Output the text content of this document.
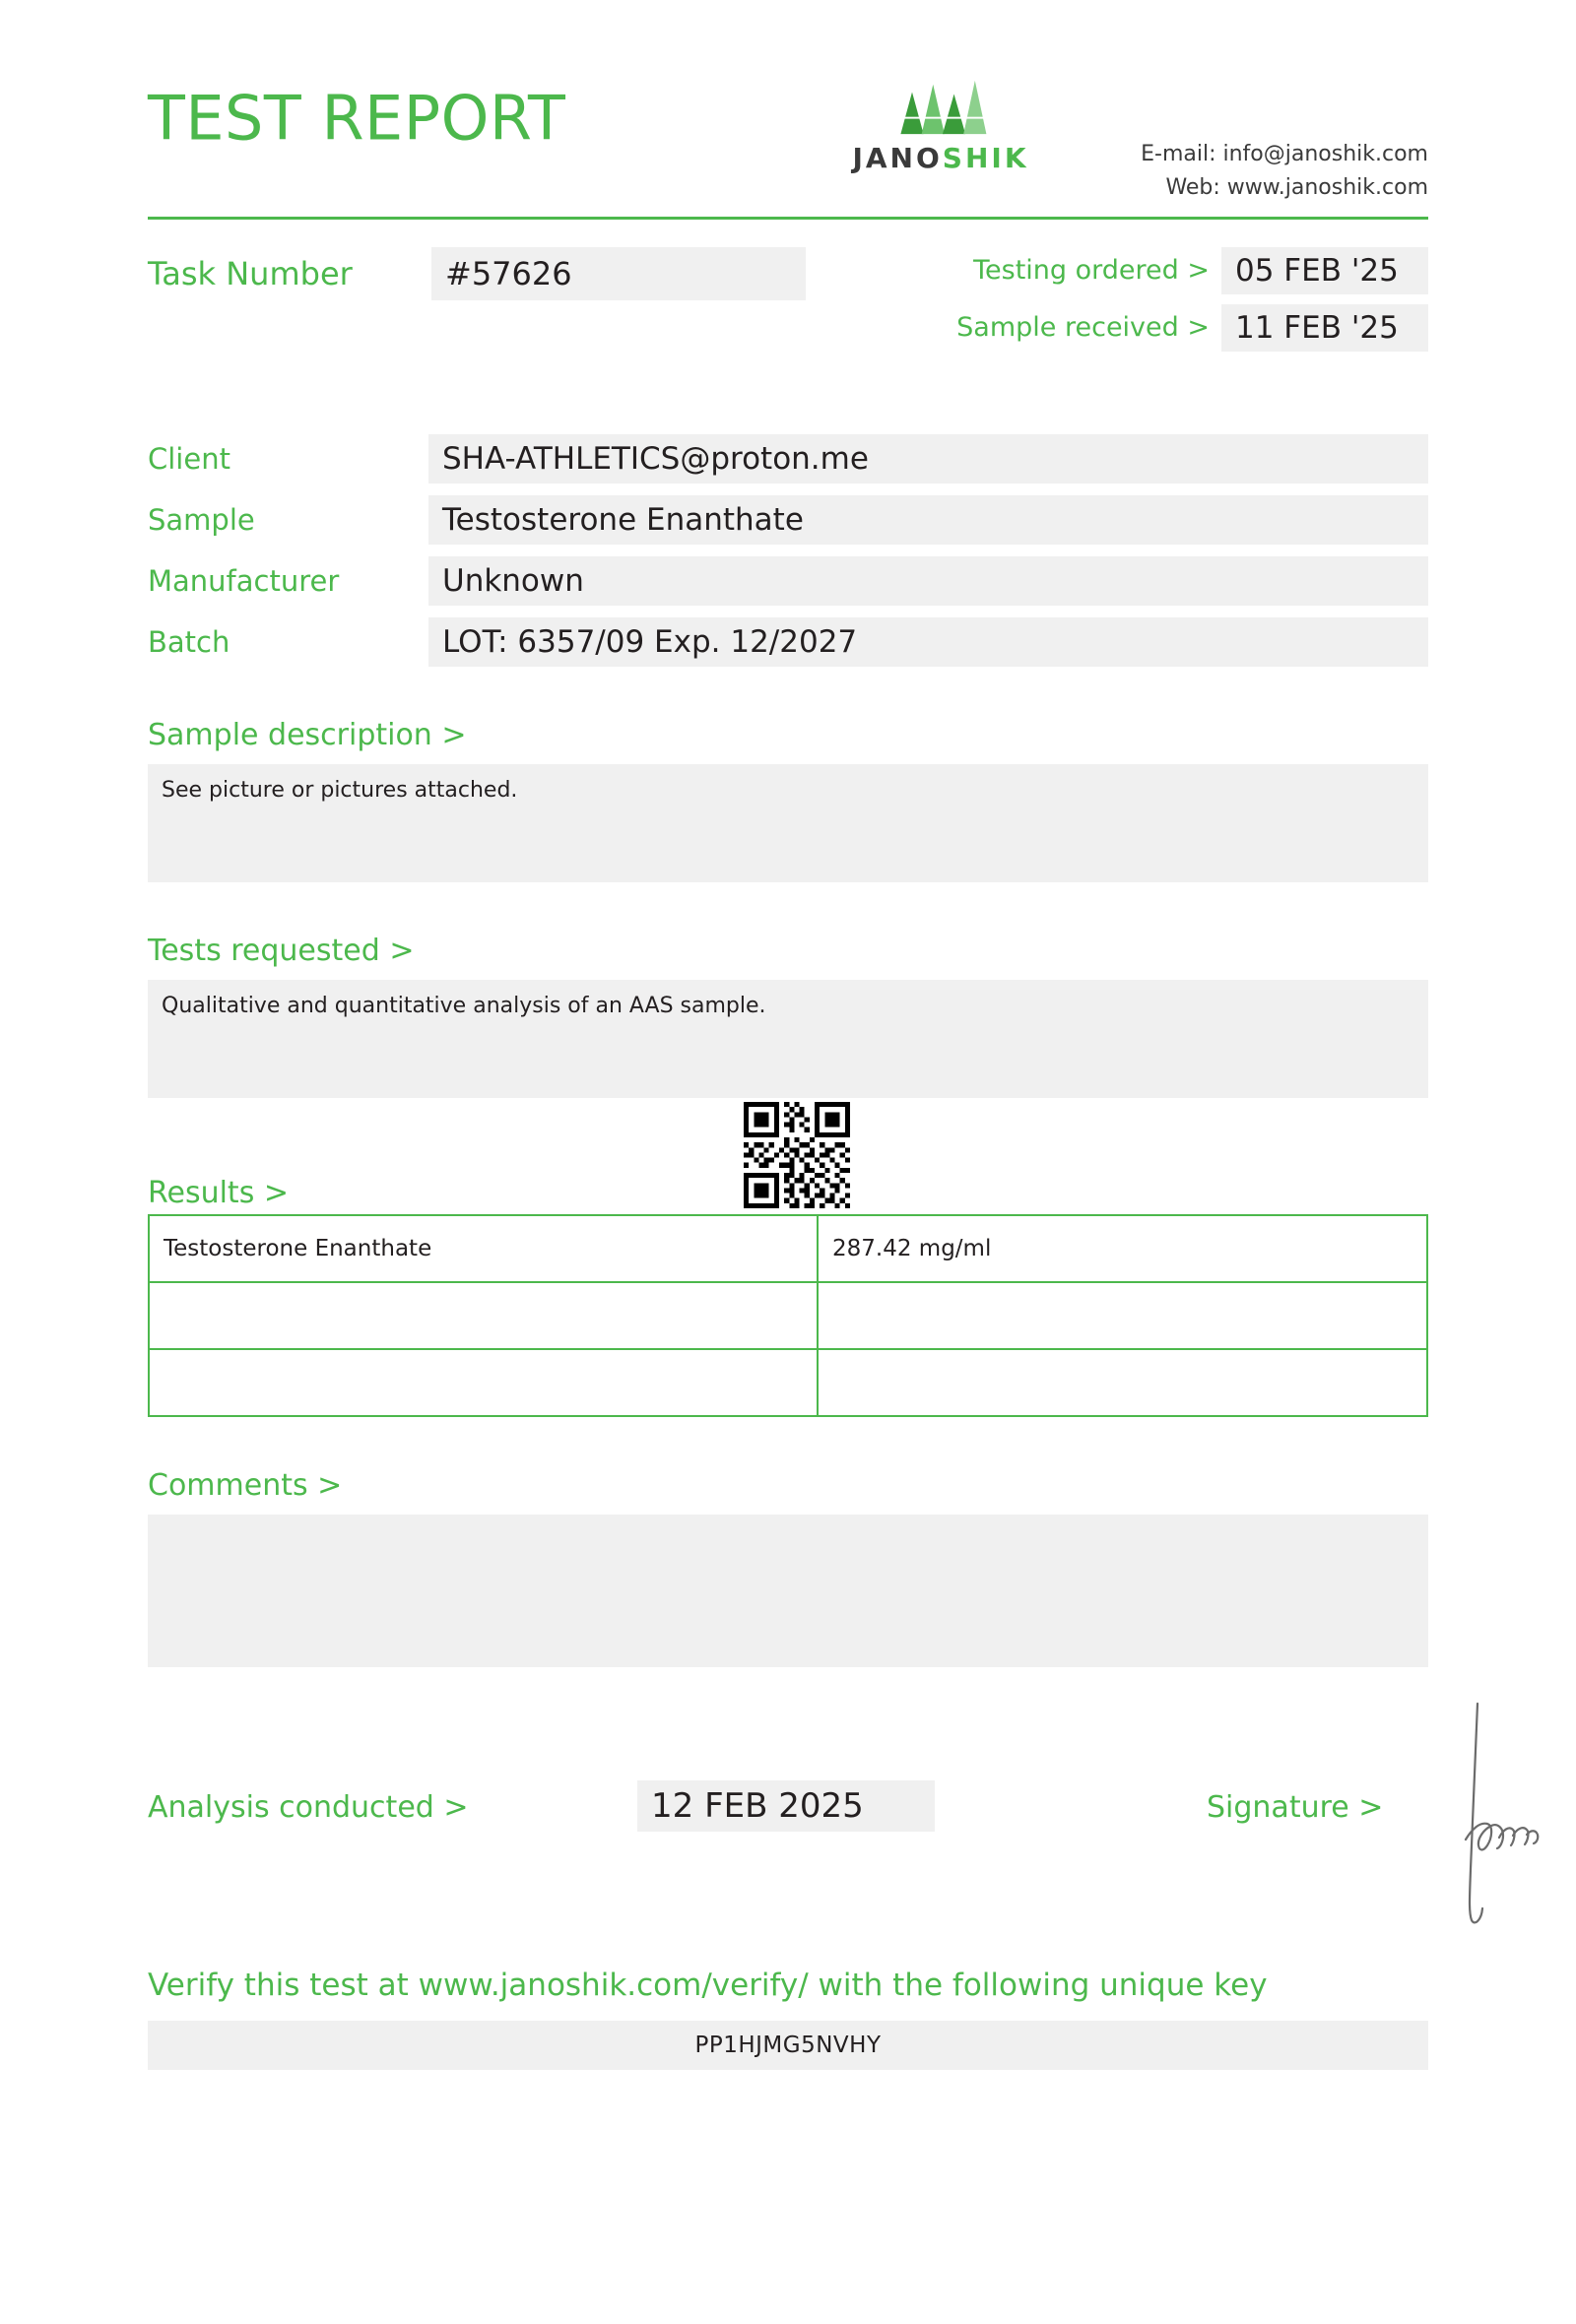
TEST REPORT
JANOSHIK	E-mail: info@janoshik.com
Web: www.janoshik.com
Task Number	#57626	Testing ordered > 05 FEB '25
Sample received > 11 FEB '25
Client	SHA-ATHLETICS@proton.me
Sample	Testosterone Enanthate
Manufacturer	Unknown
Batch	LOT: 6357/09 Exp. 12/2027
Sample description >
See picture or pictures attached.
Tests requested >
Qualitative and quantitative analysis of an AAS sample.
Results >
Testosterone Enanthate	287.42 mg/ml

Comments >
Analysis conducted >	12 FEB 2025	Signature >
Verify this test at www.janoshik.com/verify/ with the following unique key
PP1HJMG5NVHY
